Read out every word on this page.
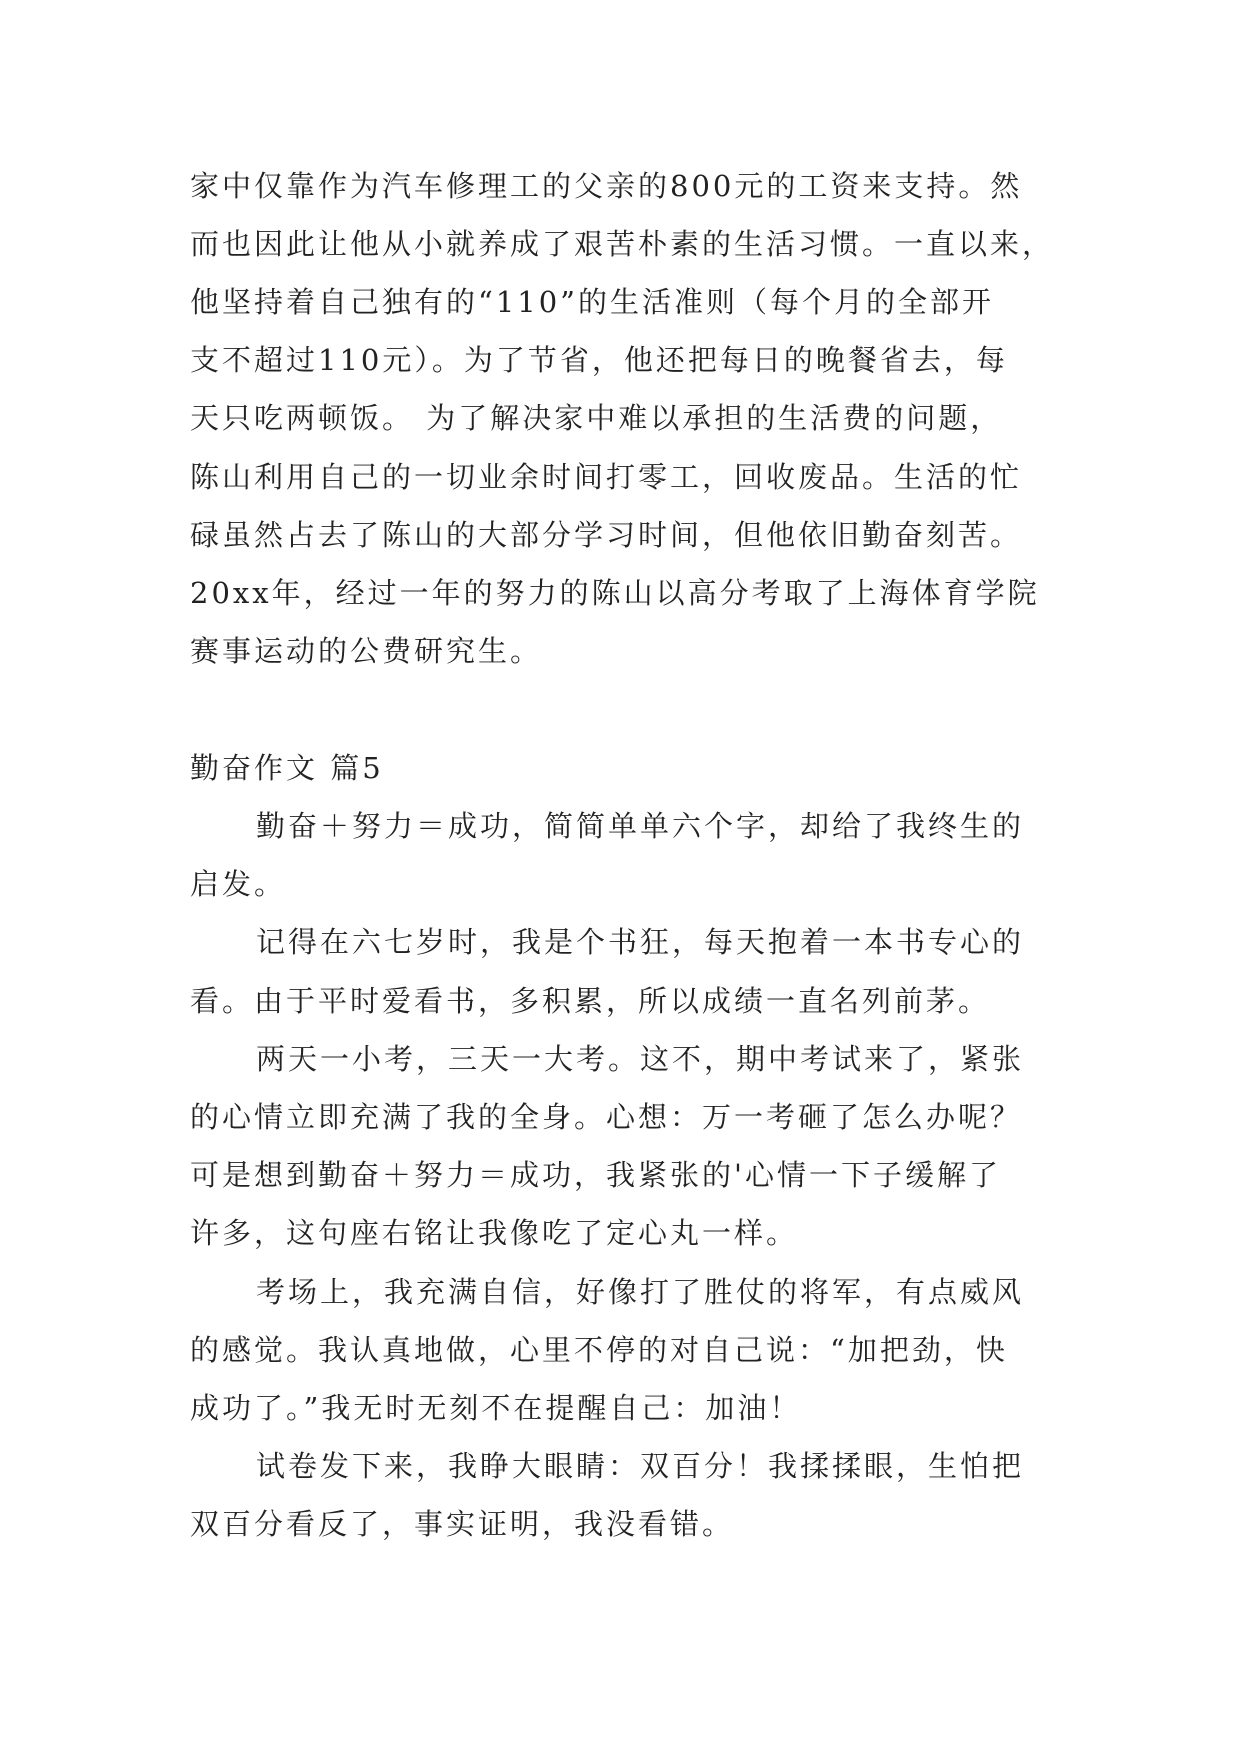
家中仅靠作为汽车修理工的父亲的800元的工资来支持。然
而也因此让他从小就养成了艰苦朴素的生活习惯。一直以来，
他坚持着自己独有的“110”的生活准则（每个月的全部开
支不超过110元）。为了节省，他还把每日的晚餐省去，每
天只吃两顿饭。 为了解决家中难以承担的生活费的问题，
陈山利用自己的一切业余时间打零工，回收废品。生活的忙
碌虽然占去了陈山的大部分学习时间，但他依旧勤奋刻苦。
20xx年，经过一年的努力的陈山以高分考取了上海体育学院
赛事运动的公费研究生。
勤奋作文 篇5
勤奋＋努力＝成功，简简单单六个字，却给了我终生的
启发。
记得在六七岁时，我是个书狂，每天抱着一本书专心的
看。由于平时爱看书，多积累，所以成绩一直名列前茅。
两天一小考，三天一大考。这不，期中考试来了，紧张
的心情立即充满了我的全身。心想：万一考砸了怎么办呢？
可是想到勤奋＋努力＝成功，我紧张的'心情一下子缓解了
许多，这句座右铭让我像吃了定心丸一样。
考场上，我充满自信，好像打了胜仗的将军，有点威风
的感觉。我认真地做，心里不停的对自己说：“加把劲，快
成功了。”我无时无刻不在提醒自己：加油！
试卷发下来，我睁大眼睛：双百分！我揉揉眼，生怕把
双百分看反了，事实证明，我没看错。
